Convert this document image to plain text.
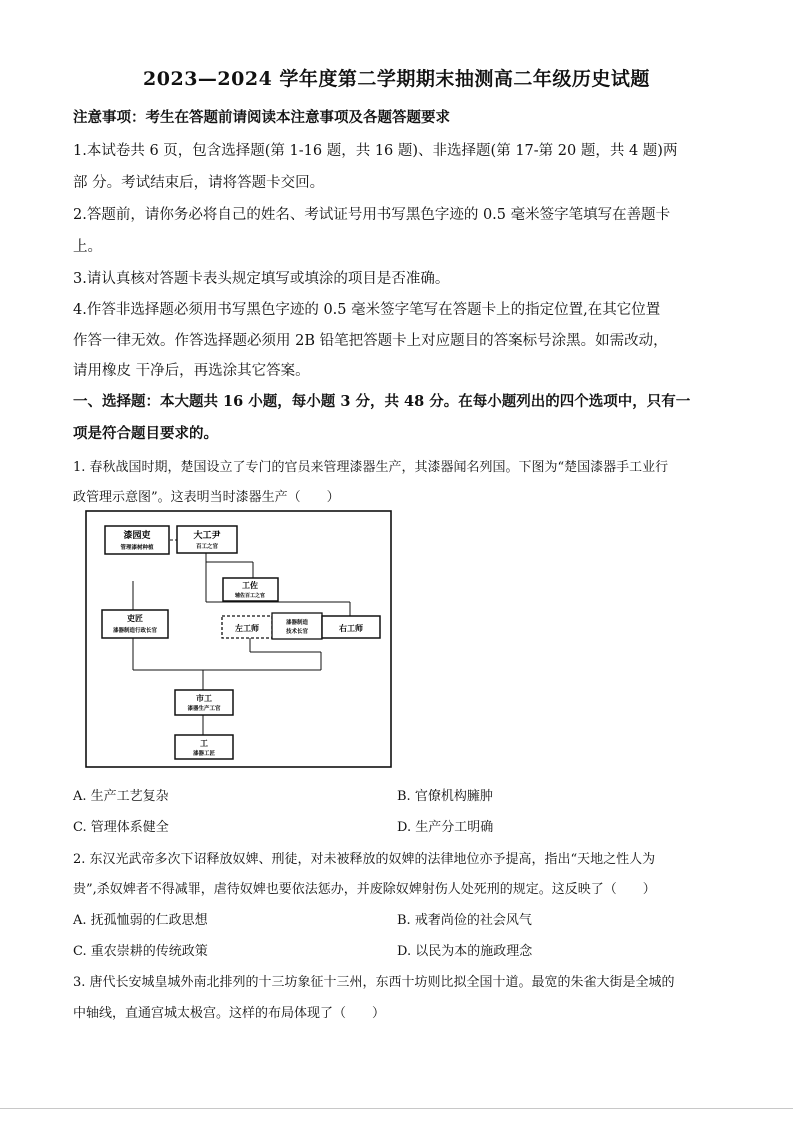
2023—2024 学年度第二学期期末抽测高二年级历史试题
注意事项：考生在答题前请阅读本注意事项及各题答题要求
1.本试卷共 6 页，包含选择题(第 1-16 题，共 16 题)、非选择题(第 17-第 20 题，共 4 题)两
部 分。考试结束后，请将答题卡交回。
2.答题前，请你务必将自己的姓名、考试证号用书写黑色字迹的 0.5 毫米签字笔填写在善题卡
上。
3.请认真核对答题卡表头规定填写或填涂的项目是否准确。
4.作答非选择题必须用书写黑色字迹的 0.5 毫米签字笔写在答题卡上的指定位置,在其它位置
作答一律无效。作答选择题必须用 2B 铅笔把答题卡上对应题目的答案标号涂黑。如需改动，
请用橡皮 干净后，再选涂其它答案。
一、选择题：本大题共 16 小题，每小题 3 分，共 48 分。在每小题列出的四个选项中，只有一
项是符合题目要求的。
1. 春秋战国时期，楚国设立了专门的官员来管理漆器生产，其漆器闻名列国。下图为“楚国漆器手工业行
政管理示意图”。这表明当时漆器生产（　　）
漆园吏
管理漆树种植
大工尹
百工之官
工佐
辅佐百工之官
吏匠
漆器制造行政长官	左工师	漆器制造
技术长官	右工师
市工
漆器生产工官
工
漆器工匠
A. 生产工艺复杂	B. 官僚机构臃肿
C. 管理体系健全	D. 生产分工明确
2. 东汉光武帝多次下诏释放奴婢、刑徒，对未被释放的奴婢的法律地位亦予提高，指出“天地之性人为
贵”,杀奴婢者不得减罪，虐待奴婢也要依法惩办，并废除奴婢射伤人处死刑的规定。这反映了（　　）
A. 抚孤恤弱的仁政思想	B. 戒奢尚俭的社会风气
C. 重农崇耕的传统政策	D. 以民为本的施政理念
3. 唐代长安城皇城外南北排列的十三坊象征十三州，东西十坊则比拟全国十道。最宽的朱雀大街是全城的
中轴线，直通宫城太极宫。这样的布局体现了（　　）
